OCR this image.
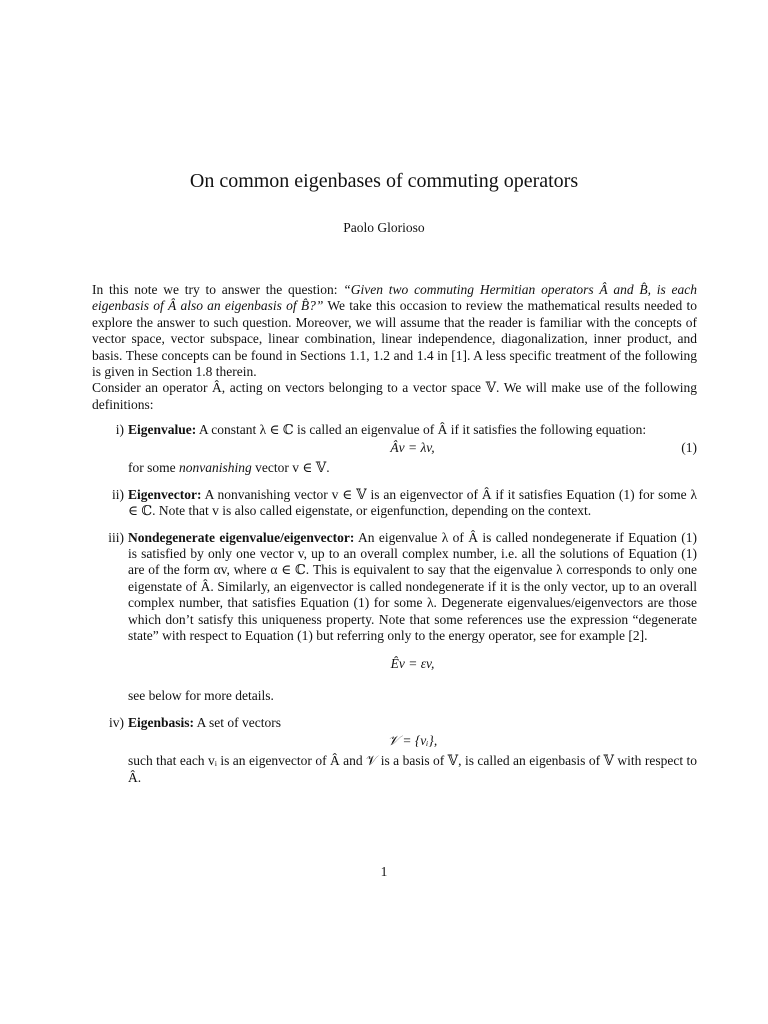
On common eigenbases of commuting operators
Paolo Glorioso
In this note we try to answer the question: “Given two commuting Hermitian operators Â and B̂, is each eigenbasis of Â also an eigenbasis of B̂?” We take this occasion to review the mathematical results needed to explore the answer to such question. Moreover, we will assume that the reader is familiar with the concepts of vector space, vector subspace, linear combination, linear independence, diagonalization, inner product, and basis. These concepts can be found in Sections 1.1, 1.2 and 1.4 in [1]. A less specific treatment of the following is given in Section 1.8 therein.
Consider an operator Â, acting on vectors belonging to a vector space 𝕍. We will make use of the following definitions:
i) Eigenvalue: A constant λ ∈ ℂ is called an eigenvalue of Â if it satisfies the following equation:
Âv = λv,	(1)
for some nonvanishing vector v ∈ 𝕍.
ii) Eigenvector: A nonvanishing vector v ∈ 𝕍 is an eigenvector of Â if it satisfies Equation (1) for some λ ∈ ℂ. Note that v is also called eigenstate, or eigenfunction, depending on the context.
iii) Nondegenerate eigenvalue/eigenvector: An eigenvalue λ of Â is called nondegenerate if Equation (1) is satisfied by only one vector v, up to an overall complex number, i.e. all the solutions of Equation (1) are of the form αv, where α ∈ ℂ. This is equivalent to say that the eigenvalue λ corresponds to only one eigenstate of Â. Similarly, an eigenvector is called nondegenerate if it is the only vector, up to an overall complex number, that satisfies Equation (1) for some λ. Degenerate eigenvalues/eigenvectors are those which don’t satisfy this uniqueness property. Note that some references use the expression “degenerate state” with respect to Equation (1) but referring only to the energy operator, see for example [2].
Êv = εv,
see below for more details.
iv) Eigenbasis: A set of vectors
𝒱 = {vᵢ},
such that each vᵢ is an eigenvector of Â and 𝒱 is a basis of 𝕍, is called an eigenbasis of 𝕍 with respect to Â.
1
